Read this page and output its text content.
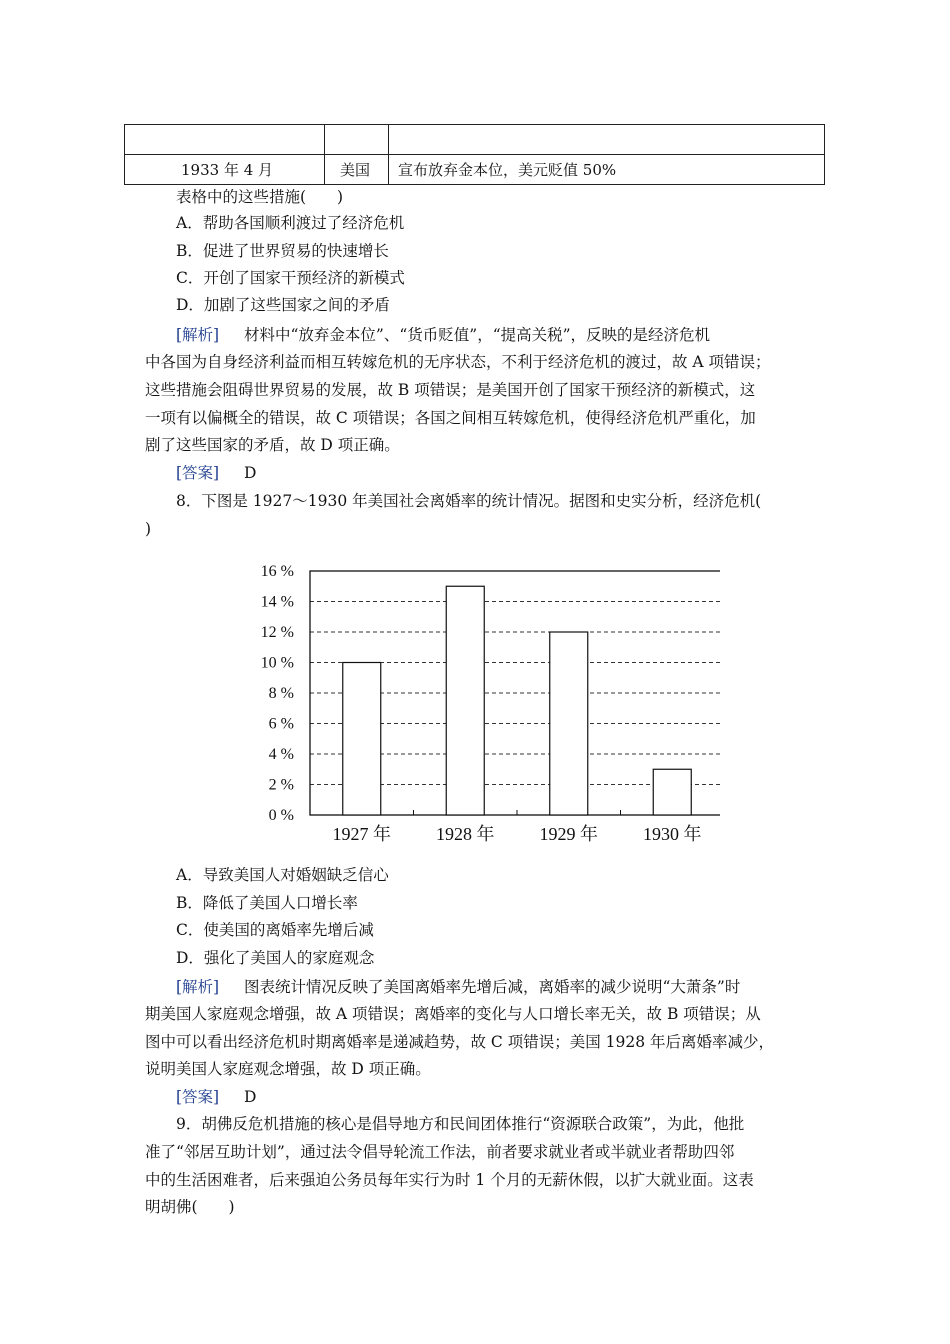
1933 年 4 月	美国 宣布放弃金本位，美元贬值 50%
表格中的这些措施(　　)
A．帮助各国顺利渡过了经济危机
B．促进了世界贸易的快速增长
C．开创了国家干预经济的新模式
D．加剧了这些国家之间的矛盾
[解析] 材料中“放弃金本位”、“货币贬值”，“提高关税”，反映的是经济危机
中各国为自身经济利益而相互转嫁危机的无序状态，不利于经济危机的渡过，故 A 项错误；
这些措施会阻碍世界贸易的发展，故 B 项错误；是美国开创了国家干预经济的新模式，这
一项有以偏概全的错误，故 C 项错误；各国之间相互转嫁危机，使得经济危机严重化，加
剧了这些国家的矛盾，故 D 项正确。
[答案] D
8．下图是 1927～1930 年美国社会离婚率的统计情况。据图和史实分析，经济危机(
)
0 %
2 %
4 %
6 %
8 %
10 %
12 %
14 %
16 %
1927 年	1928 年	1929 年	1930 年
A．导致美国人对婚姻缺乏信心
B．降低了美国人口增长率
C．使美国的离婚率先增后减
D．强化了美国人的家庭观念
[解析] 图表统计情况反映了美国离婚率先增后减，离婚率的减少说明“大萧条”时
期美国人家庭观念增强，故 A 项错误；离婚率的变化与人口增长率无关，故 B 项错误；从
图中可以看出经济危机时期离婚率是递减趋势，故 C 项错误；美国 1928 年后离婚率减少，
说明美国人家庭观念增强，故 D 项正确。
[答案] D
9．胡佛反危机措施的核心是倡导地方和民间团体推行“资源联合政策”，为此，他批
准了“邻居互助计划”，通过法令倡导轮流工作法，前者要求就业者或半就业者帮助四邻
中的生活困难者，后来强迫公务员每年实行为时 1 个月的无薪休假，以扩大就业面。这表
明胡佛(　　)
